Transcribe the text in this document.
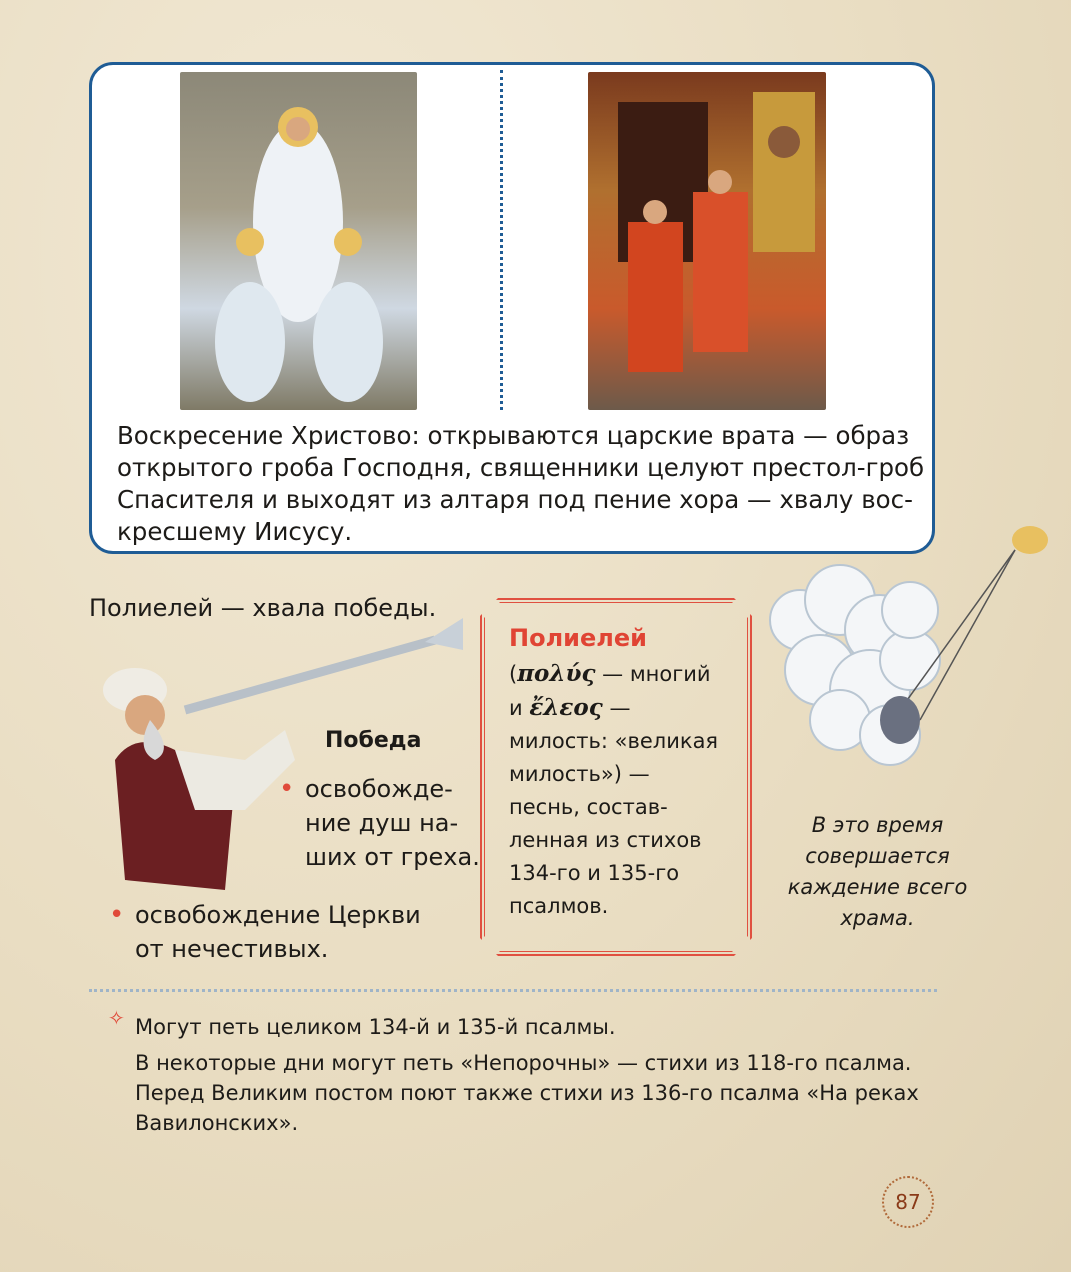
Воскресение Христово: открываются царские врата — образ
открытого гроба Господня, священники целуют престол-гроб
Спасителя и выходят из алтаря под пение хора — хвалу вос-
кресшему Иисусу.
Полиелей — хвала победы.
Победа
• освобожде-
ние душ на-
ших от греха.
• освобождение Церкви
от нечестивых.
Полиелей
(πολύς — многий
и ἔλεος —
милость: «великая
милость») —
песнь, состав-
ленная из стихов
134-го и 135-го
псалмов.
В это время
совершается
каждение всего
храма.
✧ Могут петь целиком 134-й и 135-й псалмы.
В некоторые дни могут петь «Непорочны» — стихи из 118-го псалма.
Перед Великим постом поют также стихи из 136-го псалма «На реках
Вавилонских».
87
